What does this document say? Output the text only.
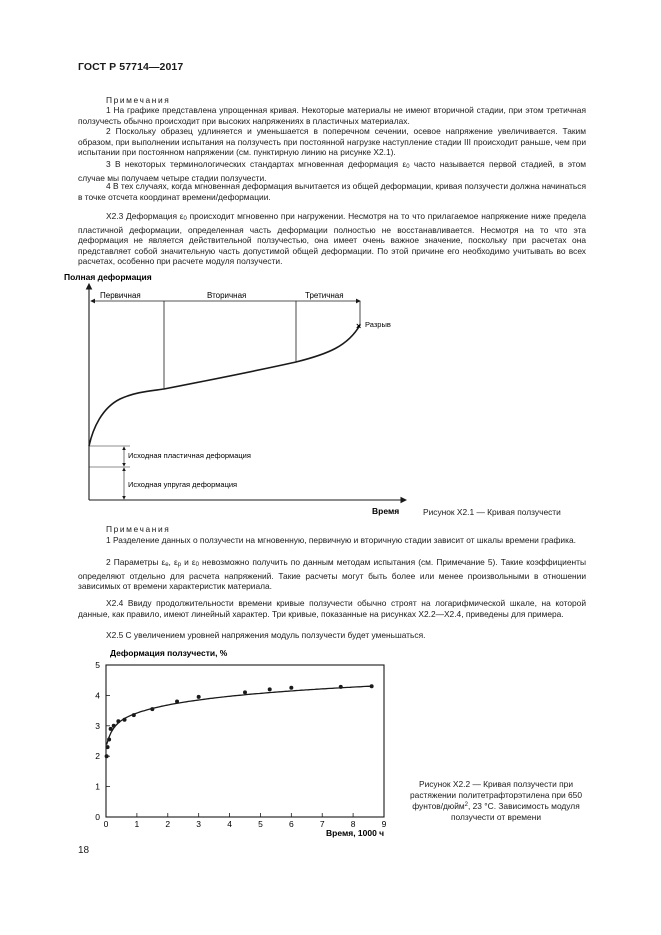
ГОСТ Р 57714—2017
Примечания
1 На графике представлена упрощенная кривая. Некоторые материалы не имеют вторичной стадии, при этом третичная ползучесть обычно происходит при высоких напряжениях в пластичных материалах.
2 Поскольку образец удлиняется и уменьшается в поперечном сечении, осевое напряжение увеличивается. Таким образом, при выполнении испытания на ползучесть при постоянной нагрузке наступление стадии III происходит раньше, чем при испытании при постоянном напряжении (см. пунктирную линию на рисунке Х2.1).
3 В некоторых терминологических стандартах мгновенная деформация ε0 часто называется первой стадией, в этом случае мы получаем четыре стадии ползучести.
4 В тех случаях, когда мгновенная деформация вычитается из общей деформации, кривая ползучести должна начинаться в точке отсчета координат времени/деформации.
Х2.3 Деформация ε0 происходит мгновенно при нагружении. Несмотря на то что прилагаемое напряжение ниже предела пластичной деформации, определенная часть деформации полностью не восстанавливается. Несмотря на то что эта деформация не является действительной ползучестью, она имеет очень важное значение, поскольку при расчетах она представляет собой значительную часть допустимой общей деформации. По этой причине его необходимо учитывать во всех расчетах, особенно при расчете модуля ползучести.
Полная деформация
Время
Первичная	Вторичная	Третичная
× Разрыв
Исходная пластичная деформация
Исходная упругая деформация
Рисунок Х2.1 — Кривая ползучести
Примечания
1 Разделение данных о ползучести на мгновенную, первичную и вторичную стадии зависит от шкалы времени графика.
2 Параметры εe, εp и ε0 невозможно получить по данным методам испытания (см. Примечание 5). Такие коэффициенты определяют отдельно для расчета напряжений. Такие расчеты могут быть более или менее произвольными в отношении зависимых от времени характеристик материала.
Х2.4 Ввиду продолжительности времени кривые ползучести обычно строят на логарифмической шкале, на которой данные, как правило, имеют линейный характер. Три кривые, показанные на рисунках Х2.2—Х2.4, приведены для примера.
Х2.5 С увеличением уровней напряжения модуль ползучести будет уменьшаться.
Деформация ползучести, %
Время, 1000 ч
0	1	2	3	4	5	6	7	8	9
0
1
2
3
4
5
Рисунок Х2.2 — Кривая ползучести при растяжении политетрафторэтилена при 650 фунтов/дюйм$^2$, 23 °С. Зависимость модуля ползучести от времени
18
